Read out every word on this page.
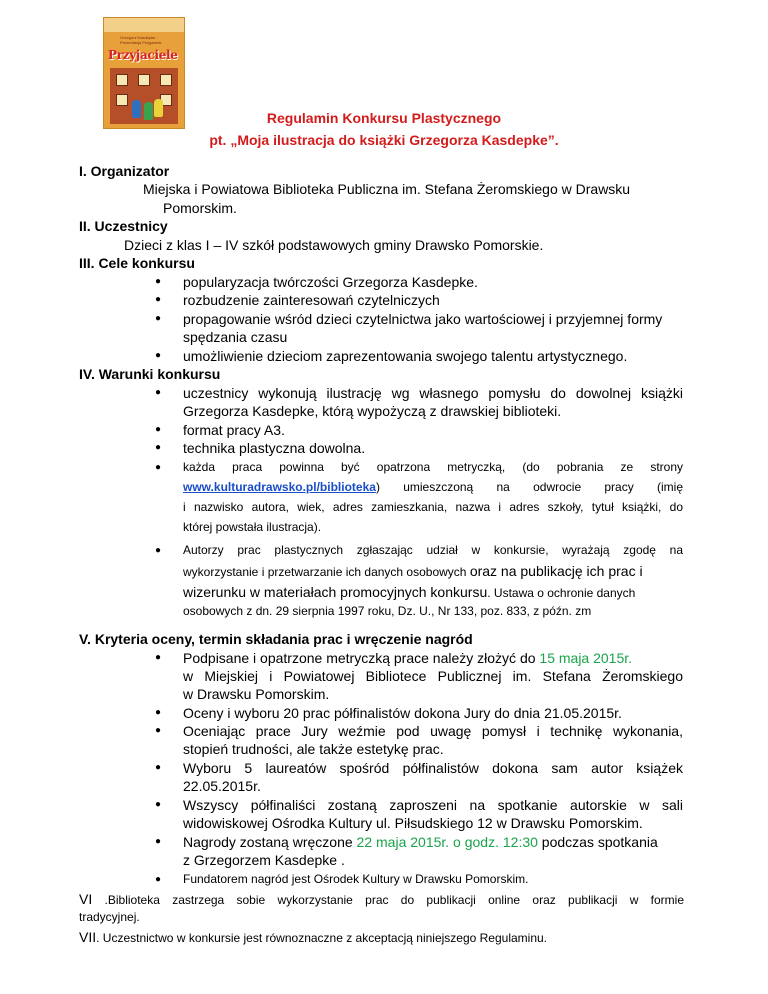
Grzegorz Kasdepke · Prezentacja Przyjaciele
Przyjaciele
Regulamin Konkursu Plastycznego
pt. „Moja ilustracja do książki Grzegorza Kasdepke”.
I. Organizator
Miejska i Powiatowa Biblioteka Publiczna im. Stefana Żeromskiego w Drawsku
Pomorskim.
II. Uczestnicy
Dzieci z klas I – IV szkół podstawowych gminy Drawsko Pomorskie.
III. Cele konkursu
● popularyzacja twórczości Grzegorza Kasdepke.
● rozbudzenie zainteresowań czytelniczych
● propagowanie wśród dzieci czytelnictwa jako wartościowej i przyjemnej formy
spędzania czasu
● umożliwienie dzieciom zaprezentowania swojego talentu artystycznego.
IV. Warunki konkursu
● uczestnicy wykonują ilustrację wg własnego pomysłu do dowolnej książki
Grzegorza Kasdepke, którą wypożyczą z drawskiej biblioteki.
● format pracy A3.
● technika plastyczna dowolna.
● każda praca powinna być opatrzona metryczką, (do pobrania ze strony
www.kulturadrawsko.pl/biblioteka ) umieszczoną na odwrocie pracy (imię
i nazwisko autora, wiek, adres zamieszkania, nazwa i adres szkoły, tytuł książki, do
której powstała ilustracja).
● Autorzy prac plastycznych zgłaszając udział w konkursie, wyrażają zgodę na
wykorzystanie i przetwarzanie ich danych osobowych oraz na publikację ich prac i
wizerunku w materiałach promocyjnych konkursu. Ustawa o ochronie danych
osobowych z dn. 29 sierpnia 1997 roku, Dz. U., Nr 133, poz. 833, z późn. zm
V. Kryteria oceny, termin składania prac i wręczenie nagród
● Podpisane i opatrzone metryczką prace należy złożyć do 15 maja 2015r.
w Miejskiej i Powiatowej Bibliotece Publicznej im. Stefana Żeromskiego
w Drawsku Pomorskim.
● Oceny i wyboru 20 prac półfinalistów dokona Jury do dnia 21.05.2015r.
● Oceniając prace Jury weźmie pod uwagę pomysł i technikę wykonania,
stopień trudności, ale także estetykę prac.
● Wyboru 5 laureatów spośród półfinalistów dokona sam autor książek
22.05.2015r.
● Wszyscy półfinaliści zostaną zaproszeni na spotkanie autorskie w sali
widowiskowej Ośrodka Kultury ul. Piłsudskiego 12 w Drawsku Pomorskim.
● Nagrody zostaną wręczone 22 maja 2015r. o godz. 12:30 podczas spotkania
z Grzegorzem Kasdepke .
● Fundatorem nagród jest Ośrodek Kultury w Drawsku Pomorskim.
VI .Biblioteka zastrzega sobie wykorzystanie prac do publikacji online oraz publikacji w formie
tradycyjnej.
VII. Uczestnictwo w konkursie jest równoznaczne z akceptacją niniejszego Regulaminu.
